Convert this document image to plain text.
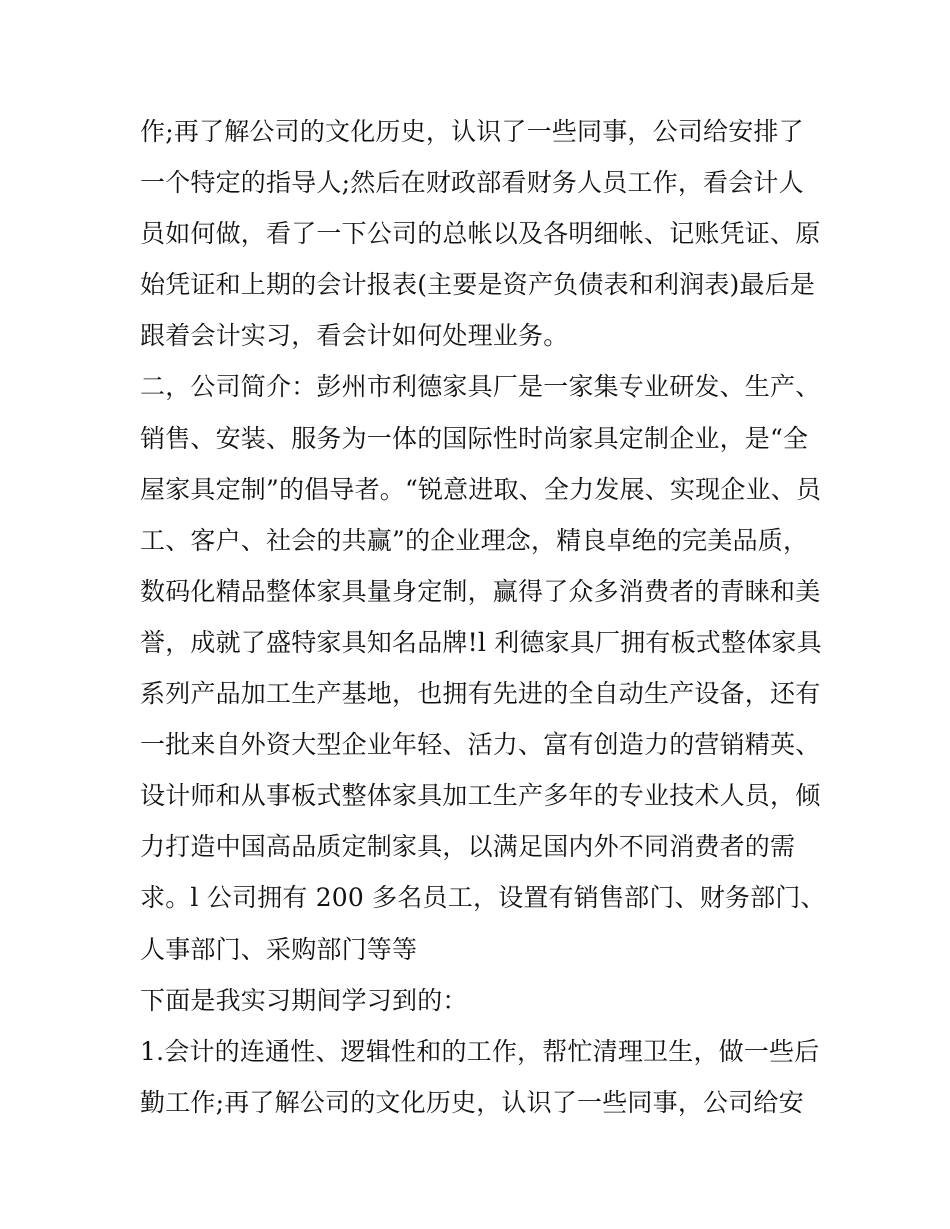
作;再了解公司的文化历史，认识了一些同事，公司给安排了
一个特定的指导人;然后在财政部看财务人员工作，看会计人
员如何做，看了一下公司的总帐以及各明细帐、记账凭证、原
始凭证和上期的会计报表(主要是资产负债表和利润表)最后是
跟着会计实习，看会计如何处理业务。
二，公司简介：彭州市利德家具厂是一家集专业研发、生产、
销售、安装、服务为一体的国际性时尚家具定制企业，是“全
屋家具定制”的倡导者。“锐意进取、全力发展、实现企业、员
工、客户、社会的共赢”的企业理念，精良卓绝的完美品质，
数码化精品整体家具量身定制，赢得了众多消费者的青睐和美
誉，成就了盛特家具知名品牌!l 利德家具厂拥有板式整体家具
系列产品加工生产基地，也拥有先进的全自动生产设备，还有
一批来自外资大型企业年轻、活力、富有创造力的营销精英、
设计师和从事板式整体家具加工生产多年的专业技术人员，倾
力打造中国高品质定制家具，以满足国内外不同消费者的需
求。l 公司拥有 200 多名员工，设置有销售部门、财务部门、
人事部门、采购部门等等
下面是我实习期间学习到的：
1.会计的连通性、逻辑性和的工作，帮忙清理卫生，做一些后
勤工作;再了解公司的文化历史，认识了一些同事，公司给安
